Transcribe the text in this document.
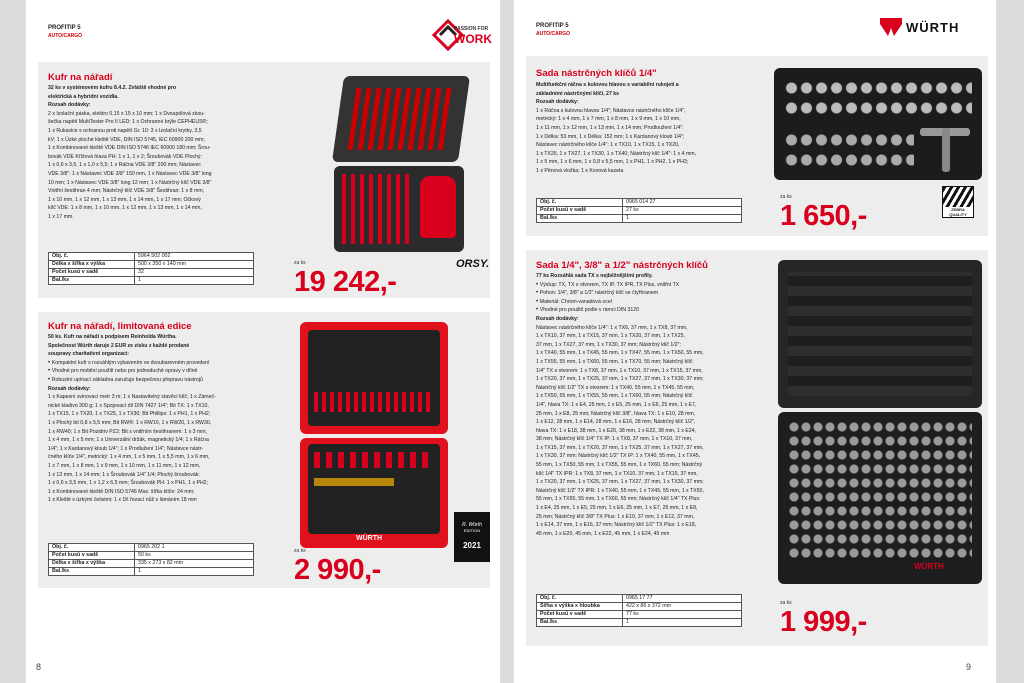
PROFITIP 5
AUTO/CARGO
PASSION FOR
WORK
Kufr na nářadí
32 ks v systémovém kufru 8.4.2. Zvláště vhodné pro
elektrická a hybridní vozidla.
Rozsah dodávky:
2 x Izolační páska, elektro 0,15 x 15 x 10 mm; 1 x Dvoupólová zkou-
šečka napětí MultiTester Pro II LED; 1 x Ochranné brýle CEPHEUS®;
1 x Rukavice s ochranou proti napětí Gr. 10: 3 x Izolační krytky, 3,5
kV; 1 x Úzké ploché kleště VDE, DIN ISO 5745, IEC 60900 200 mm;
1 x Kombinované kleště VDE DIN ISO 5746 IEC 60900 180 mm; Šrou-
bovák VDE Křížová hlava PH: 1 x 1, 1 x 2; Šroubovák VDE Plochý:
1 x 0,6 x 3,5, 1 x 1,0 x 5,5; 1 x Ráčna VDE 3/8" 200 mm; Nástavec
VDE 3/8": 1 x Nástavec VDE 3/8" 150 mm, 1 x Nástavec VDE 3/8" long
10 mm; 1 x Nástavec VDE 3/8" long 12 mm; 1 x Nástrčný klíč VDE 3/8"
Vnitřní šestihran 4 mm; Nástrčný klíč VDE 3/8" Šestihran: 1 x 8 mm,
1 x 10 mm, 1 x 12 mm, 1 x 13 mm, 1 x 14 mm, 1 x 17 mm; Očkový
klíč VDE: 1 x 8 mm, 1 x 10 mm, 1 x 12 mm, 1 x 13 mm, 1 x 14 mm,
1 x 17 mm.
Obj. č.	5964 502 002
Délka x šířka x výška	500 x 350 x 140 mm
Počet kusů v sadě	32
Bal./ks	1
za ks
19 242,-
ORSY.
Kufr na nářadí, limitovaná edice
50 ks. Kufr na nářadí s podpisem Reinholda Würtha.
Společnost Würth daruje 2 EUR ze zisku z každé prodané
soupravy charitativní organizaci:
• Kompaktní kufr s rozsáhlým vybavením ve dvoubarevném provedení
• Vhodné pro mobilní použití nebo pro jednoduché opravy v dílně
• Robustní upínací základna zaručuje bezpečnou přepravu nástrojů
Rozsah dodávky:
1 x Kapesní svinovací metr 3 m; 1 x Nastavitelný stavěcí klíč; 1 x Zámeč-
nické kladivo 300 g; 1 x Spojovací díl DIN 7427 1/4"; Bit TX: 1 x TX10,
1 x TX15, 1 x TX20, 1 x TX25, 1 x TX30; Bit Phillips: 1 x PH1, 1 x PH2;
1 x Plochý bit 0,8 x 5,5 mm; Bit RW®: 1 x RW10, 1 x RW20, 1 x RW30,
1 x RW40; 1 x Bit Pozidriv PZ2; Bit s vnitřním šestihranem: 1 x 3 mm,
1 x 4 mm, 1 x 5 mm; 1 x Univerzální držák, magnetický 1/4; 1 x Ráčna
1/4"; 1 x Kardanový kloub 1/4"; 1 x Prodlužení 1/4"; Nástavce nástr-
čného klíče 1/4", metrický: 1 x 4 mm, 1 x 5 mm, 1 x 5,5 mm, 1 x 6 mm,
1 x 7 mm, 1 x 8 mm, 1 x 9 mm, 1 x 10 mm, 1 x 11 mm, 1 x 12 mm,
1 x 13 mm, 1 x 14 mm; 1 x Šroubovák 1/4" 1/4; Plochý šroubovák:
1 x 0,6 x 3,5 mm, 1 x 1,2 x 6,5 mm; Šroubovák PH: 1 x PH1, 1 x PH2;
1 x Kombinované kleště DIN ISO 5746 Max. šířka klíče: 24 mm;
1 x Kleště s úzkými čelistmi; 1 x 1K řezací nůž s lámáním 18 mm
Obj. č.	0965 202 1
Počet kusů v sadě	50 ks
Délka x šířka x výška	335 x 273 x 82 mm
Bal./ks	1
WÜRTH
za ks
2 990,-
R. Würth
EDITION
2021
8
PROFITIP 5
AUTO/CARGO	WÜRTH
Sada nástrčných klíčů 1/4"
Multifunkční ráčna s kulovou hlavou s variabilní rukojetí a
základními nástrčnými klíči, 27 ks
Rozsah dodávky:
1 x Ráčna s kulovou hlavou 1/4"; Nástavce nástrčného klíče 1/4",
metrický: 1 x 4 mm, 1 x 7 mm, 1 x 8 mm, 1 x 9 mm, 1 x 10 mm,
1 x 11 mm, 1 x 12 mm, 1 x 13 mm, 1 x 14 mm; Prodloužení 1/4":
1 x Délka: 53 mm, 1 x Délka: 152 mm; 1 x Kardanový kloub 1/4";
Nástavec nástrčného klíče 1/4": 1 x TX10, 1 x TX15, 1 x TX20,
1 x TX25, 1 x TX27, 1 x TX30, 1 x TX40; Nástrčný klíč 1/4": 1 x 4 mm,
1 x 5 mm, 1 x 6 mm, 1 x 0,8 x 5,5 mm, 1 x PH1, 1 x PH2, 1 x PH3;
1 x Pěnová vložka; 1 x Kovová kazeta
Obj. č.	0965 014 27
Počet kusů v sadě	27 ks
Bal./ks	1
za ks
1 650,-	ZEBRA
QUALITY
Sada 1/4", 3/8" a 1/2" nástrčných klíčů
77 ks Rozsáhlá sada TX s nejběžnějšími profily.
• Výstup: TX, TX s otvorem, TX IP, TX IPR, TX Plus, vnitřní TX
• Pohon: 1/4", 3/8" a 1/2" nástrčný klíč se čtyřhranem
• Materiál: Chrom-vanadová ocel
• Vhodné pro použití podle v rámci DIN 3120
Rozsah dodávky:
Nástavec nástrčného klíče 1/4": 1 x TX6, 37 mm, 1 x TX8, 37 mm,
1 x TX10, 37 mm, 1 x TX15, 37 mm, 1 x TX20, 37 mm, 1 x TX25,
37 mm, 1 x TX27, 37 mm, 1 x TX30, 37 mm; Nástrčný klíč 1/2":
1 x TX40, 55 mm, 1 x TX45, 55 mm, 1 x TX47, 55 mm, 1 x TX50, 55 mm,
1 x TX55, 55 mm, 1 x TX60, 55 mm, 1 x TX70, 55 mm; Nástrčný klíč
1/4" TX s otvorem: 1 x TX8, 37 mm, 1 x TX10, 37 mm, 1 x TX15, 37 mm,
1 x TX20, 37 mm, 1 x TX25, 37 mm, 1 x TX27, 37 mm, 1 x TX30, 37 mm;
Nástrčný klíč 1/2" TX s otvorem: 1 x TX40, 55 mm, 1 x TX45, 55 mm,
1 x TX50, 55 mm, 1 x TX55, 55 mm, 1 x TX60, 55 mm; Nástrčný klíč
1/4", hlava TX: 1 x E4, 25 mm, 1 x E5, 25 mm, 1 x E6, 25 mm, 1 x E7,
25 mm, 1 x E8, 25 mm; Nástrčný klíč 3/8", hlava TX: 1 x E10, 28 mm,
1 x E12, 28 mm, 1 x E14, 28 mm, 1 x E16, 28 mm; Nástrčný klíč 1/2",
hlava TX: 1 x E18, 38 mm, 1 x E20, 38 mm, 1 x E22, 38 mm, 1 x E24,
38 mm; Nástrčný klíč 1/4" TX IP: 1 x TX8, 37 mm, 1 x TX10, 37 mm,
1 x TX15, 37 mm, 1 x TX20, 37 mm, 1 x TX25, 37 mm, 1 x TX27, 37 mm,
1 x TX30, 37 mm; Nástrčný klíč 1/2" TX IP: 1 x TX40, 55 mm, 1 x TX45,
55 mm, 1 x TX50, 55 mm, 1 x TX55, 55 mm, 1 x TX60, 55 mm; Nástrčný
klíč 1/4" TX IPR: 1 x TX8, 37 mm, 1 x TX10, 37 mm, 1 x TX15, 37 mm,
1 x TX20, 37 mm, 1 x TX25, 37 mm, 1 x TX27, 37 mm, 1 x TX30, 37 mm;
Nástrčný klíč 1/2" TX IPR: 1 x TX40, 55 mm, 1 x TX45, 55 mm, 1 x TX50,
55 mm, 1 x TX55, 55 mm, 1 x TX60, 55 mm; Nástrčný klíč 1/4" TX Plus:
1 x E4, 25 mm, 1 x E5, 25 mm, 1 x E6, 25 mm, 1 x E7, 25 mm, 1 x E8,
25 mm; Nástrčný klíč 3/8" TX Plus: 1 x E10, 37 mm, 1 x E12, 37 mm,
1 x E14, 37 mm, 1 x E16, 37 mm; Nástrčný klíč 1/2" TX Plus: 1 x E18,
45 mm, 1 x E20, 45 mm, 1 x E22, 45 mm, 1 x E24, 45 mm
Obj. č.	0965 17 77
Šířka x výška x hloubka	422 x 86 x 372 mm
Počet kusů v sadě	77 ks
Bal./ks	1
WÜRTH
za ks
1 999,-
9
